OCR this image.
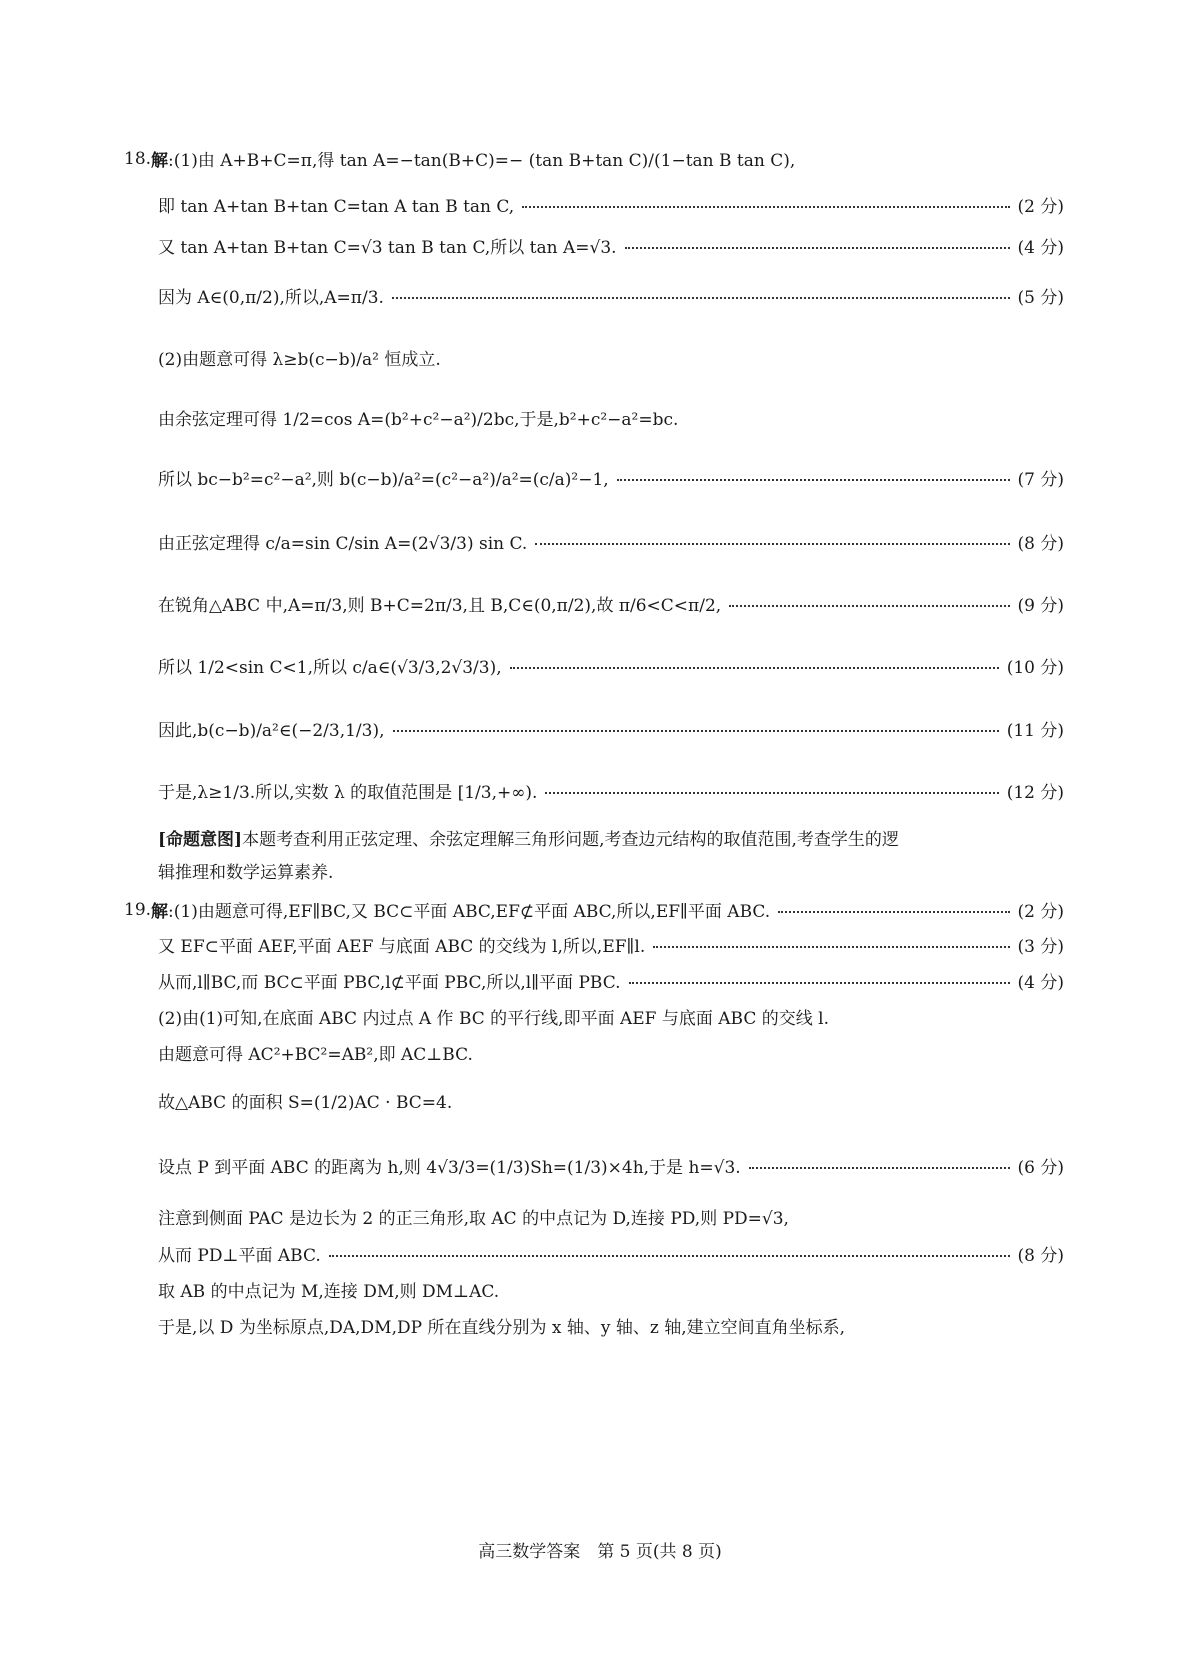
18. 解 :(1)由 A+B+C=π,得 tan A=−tan(B+C)=− (tan B+tan C)/(1−tan B tan C),
即 tan A+tan B+tan C=tan A tan B tan C,	(2 分)
又 tan A+tan B+tan C=√3 tan B tan C,所以 tan A=√3.	(4 分)
因为 A∈(0,π/2),所以,A=π/3.	(5 分)
(2)由题意可得 λ≥b(c−b)/a² 恒成立.
由余弦定理可得 1/2=cos A=(b²+c²−a²)/2bc,于是,b²+c²−a²=bc.
所以 bc−b²=c²−a²,则 b(c−b)/a²=(c²−a²)/a²=(c/a)²−1,	(7 分)
由正弦定理得 c/a=sin C/sin A=(2√3/3) sin C.	(8 分)
在锐角△ABC 中,A=π/3,则 B+C=2π/3,且 B,C∈(0,π/2),故 π/6<C<π/2,	(9 分)
所以 1/2<sin C<1,所以 c/a∈(√3/3,2√3/3),	(10 分)
因此,b(c−b)/a²∈(−2/3,1/3),	(11 分)
于是,λ≥1/3.所以,实数 λ 的取值范围是 [1/3,+∞).	(12 分)
[命题意图] 本题考查利用正弦定理、余弦定理解三角形问题,考查边元结构的取值范围,考查学生的逻
辑推理和数学运算素养.
19. 解 :(1)由题意可得,EF∥BC,又 BC⊂平面 ABC,EF⊄平面 ABC,所以,EF∥平面 ABC.	(2 分)
又 EF⊂平面 AEF,平面 AEF 与底面 ABC 的交线为 l,所以,EF∥l.	(3 分)
从而,l∥BC,而 BC⊂平面 PBC,l⊄平面 PBC,所以,l∥平面 PBC.	(4 分)
(2)由(1)可知,在底面 ABC 内过点 A 作 BC 的平行线,即平面 AEF 与底面 ABC 的交线 l.
由题意可得 AC²+BC²=AB²,即 AC⊥BC.
故△ABC 的面积 S=(1/2)AC · BC=4.
设点 P 到平面 ABC 的距离为 h,则 4√3/3=(1/3)Sh=(1/3)×4h,于是 h=√3.	(6 分)
注意到侧面 PAC 是边长为 2 的正三角形,取 AC 的中点记为 D,连接 PD,则 PD=√3,
从而 PD⊥平面 ABC.	(8 分)
取 AB 的中点记为 M,连接 DM,则 DM⊥AC.
于是,以 D 为坐标原点,DA,DM,DP 所在直线分别为 x 轴、y 轴、z 轴,建立空间直角坐标系,
高三数学答案　第 5 页(共 8 页)
